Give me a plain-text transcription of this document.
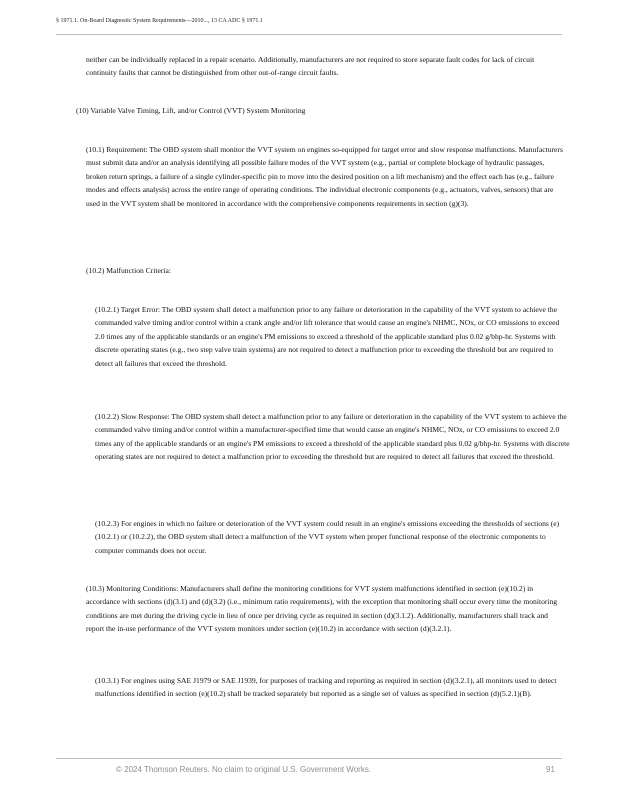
§ 1971.1. On-Board Diagnostic System Requirements—2010..., 13 CA ADC § 1971.1

neither can be individually replaced in a repair scenario. Additionally, manufacturers are not required to store separate fault codes for lack of circuit continuity faults that cannot be distinguished from other out-of-range circuit faults.

(10) Variable Valve Timing, Lift, and/or Control (VVT) System Monitoring

(10.1) Requirement: The OBD system shall monitor the VVT system on engines so-equipped for target error and slow response malfunctions. Manufacturers must submit data and/or an analysis identifying all possible failure modes of the VVT system (e.g., partial or complete blockage of hydraulic passages, broken return springs, a failure of a single cylinder-specific pin to move into the desired position on a lift mechanism) and the effect each has (e.g., failure modes and effects analysis) across the entire range of operating conditions. The individual electronic components (e.g., actuators, valves, sensors) that are used in the VVT system shall be monitored in accordance with the comprehensive components requirements in section (g)(3).

(10.2) Malfunction Criteria:

(10.2.1) Target Error: The OBD system shall detect a malfunction prior to any failure or deterioration in the capability of the VVT system to achieve the commanded valve timing and/or control within a crank angle and/or lift tolerance that would cause an engine's NHMC, NOx, or CO emissions to exceed 2.0 times any of the applicable standards or an engine's PM emissions to exceed a threshold of the applicable standard plus 0.02 g/bhp-hr. Systems with discrete operating states (e.g., two step valve train systems) are not required to detect a malfunction prior to exceeding the threshold but are required to detect all failures that exceed the threshold.

(10.2.2) Slow Response: The OBD system shall detect a malfunction prior to any failure or deterioration in the capability of the VVT system to achieve the commanded valve timing and/or control within a manufacturer-specified time that would cause an engine's NHMC, NOx, or CO emissions to exceed 2.0 times any of the applicable standards or an engine's PM emissions to exceed a threshold of the applicable standard plus 0.02 g/bhp-hr. Systems with discrete operating states are not required to detect a malfunction prior to exceeding the threshold but are required to detect all failures that exceed the threshold.

(10.2.3) For engines in which no failure or deterioration of the VVT system could result in an engine's emissions exceeding the thresholds of sections (e)(10.2.1) or (10.2.2), the OBD system shall detect a malfunction of the VVT system when proper functional response of the electronic components to computer commands does not occur.

(10.3) Monitoring Conditions: Manufacturers shall define the monitoring conditions for VVT system malfunctions identified in section (e)(10.2) in accordance with sections (d)(3.1) and (d)(3.2) (i.e., minimum ratio requirements), with the exception that monitoring shall occur every time the monitoring conditions are met during the driving cycle in lieu of once per driving cycle as required in section (d)(3.1.2). Additionally, manufacturers shall track and report the in-use performance of the VVT system monitors under section (e)(10.2) in accordance with section (d)(3.2.1).

(10.3.1) For engines using SAE J1979 or SAE J1939, for purposes of tracking and reporting as required in section (d)(3.2.1), all monitors used to detect malfunctions identified in section (e)(10.2) shall be tracked separately but reported as a single set of values as specified in section (d)(5.2.1)(B).

© 2024 Thomson Reuters. No claim to original U.S. Government Works.	91
